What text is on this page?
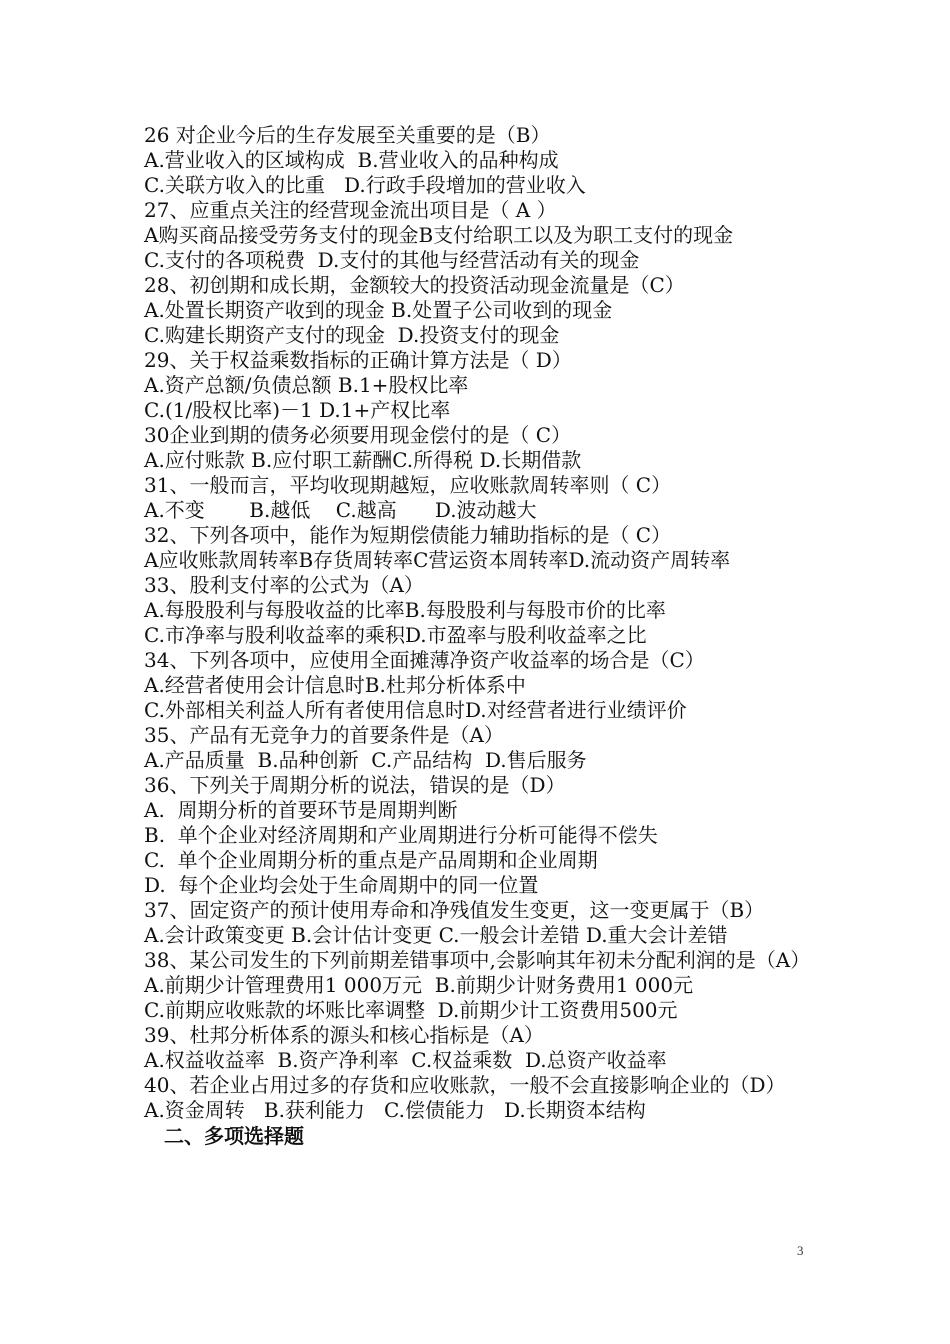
26 对企业今后的生存发展至关重要的是（B）
A.营业收入的区域构成  B.营业收入的品种构成
C.关联方收入的比重   D.行政手段增加的营业收入
27、应重点关注的经营现金流出项目是（ A ）
A购买商品接受劳务支付的现金B支付给职工以及为职工支付的现金
C.支付的各项税费  D.支付的其他与经营活动有关的现金
28、初创期和成长期，金额较大的投资活动现金流量是（C）
A.处置长期资产收到的现金 B.处置子公司收到的现金
C.购建长期资产支付的现金  D.投资支付的现金
29、关于权益乘数指标的正确计算方法是（ D）
A.资产总额/负债总额 B.1+股权比率
C.(1/股权比率)－1 D.1+产权比率
30企业到期的债务必须要用现金偿付的是（ C）
A.应付账款 B.应付职工薪酬C.所得税 D.长期借款
31、一般而言，平均收现期越短，应收账款周转率则（ C）
A.不变       B.越低    C.越高      D.波动越大
32、下列各项中，能作为短期偿债能力辅助指标的是（ C）
A应收账款周转率B存货周转率C营运资本周转率D.流动资产周转率
33、股利支付率的公式为（A）
A.每股股利与每股收益的比率B.每股股利与每股市价的比率
C.市净率与股利收益率的乘积D.市盈率与股利收益率之比
34、下列各项中，应使用全面摊薄净资产收益率的场合是（C）
A.经营者使用会计信息时B.杜邦分析体系中
C.外部相关利益人所有者使用信息时D.对经营者进行业绩评价
35、产品有无竞争力的首要条件是（A）
A.产品质量  B.品种创新  C.产品结构  D.售后服务
36、下列关于周期分析的说法，错误的是（D）
A.  周期分析的首要环节是周期判断
B.  单个企业对经济周期和产业周期进行分析可能得不偿失
C.  单个企业周期分析的重点是产品周期和企业周期
D.  每个企业均会处于生命周期中的同一位置
37、固定资产的预计使用寿命和净残值发生变更，这一变更属于（B）
A.会计政策变更 B.会计估计变更 C.一般会计差错 D.重大会计差错
38、某公司发生的下列前期差错事项中,会影响其年初未分配利润的是（A）
A.前期少计管理费用1 000万元  B.前期少计财务费用1 000元
C.前期应收账款的坏账比率调整  D.前期少计工资费用500元
39、杜邦分析体系的源头和核心指标是（A）
A.权益收益率  B.资产净利率  C.权益乘数  D.总资产收益率
40、若企业占用过多的存货和应收账款，一般不会直接影响企业的（D）
A.资金周转   B.获利能力   C.偿债能力   D.长期资本结构
二、多项选择题
3
